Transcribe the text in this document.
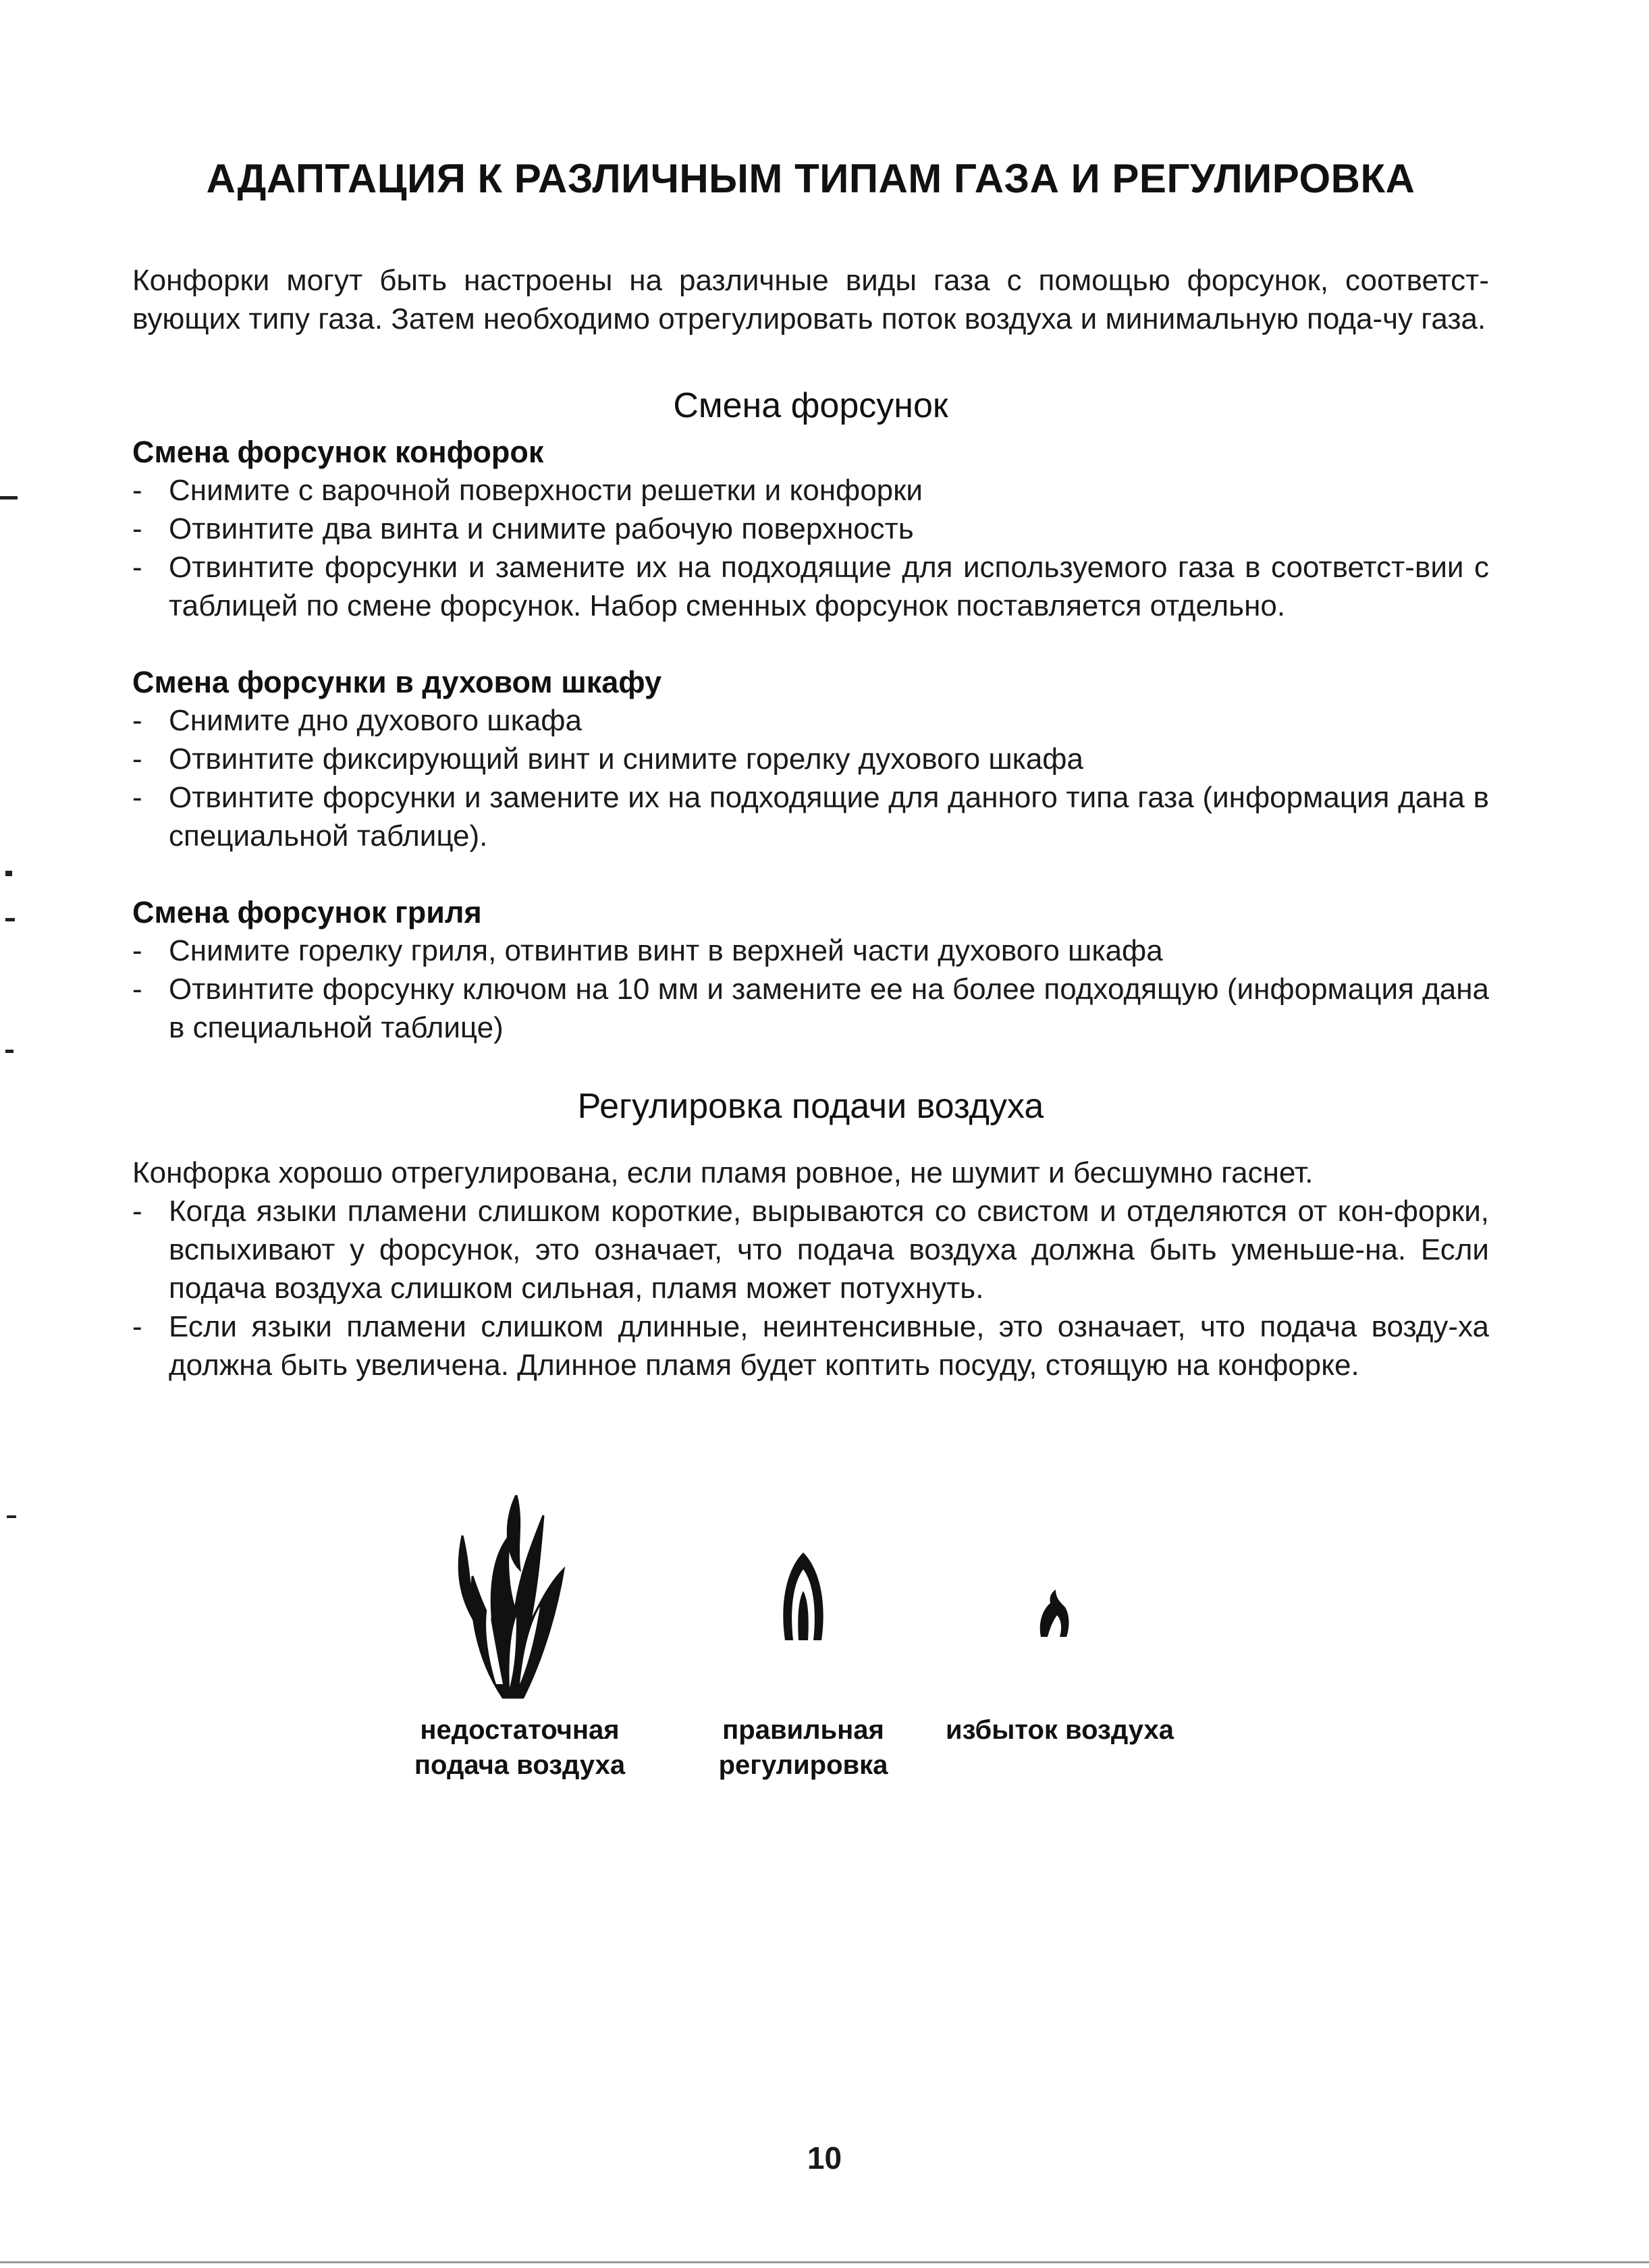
АДАПТАЦИЯ К РАЗЛИЧНЫМ ТИПАМ ГАЗА И РЕГУЛИРОВКА

Конфорки могут быть настроены на различные виды газа с помощью форсунок, соответст-вующих типу газа. Затем необходимо отрегулировать поток воздуха и минимальную пода-чу газа.

Смена форсунок
Смена форсунок конфорок
- Снимите с варочной поверхности решетки и конфорки
- Отвинтите два винта и снимите рабочую поверхность
- Отвинтите форсунки и замените их на подходящие для используемого газа в соответст-вии с таблицей по смене форсунок. Набор сменных форсунок поставляется отдельно.
Смена форсунки в духовом шкафу
- Снимите дно духового шкафа
- Отвинтите фиксирующий винт и снимите горелку духового шкафа
- Отвинтите форсунки и замените их на подходящие для данного типа газа (информация дана в специальной таблице).
Смена форсунок гриля
- Снимите горелку гриля, отвинтив винт в верхней части духового шкафа
- Отвинтите форсунку ключом на 10 мм и замените ее на более подходящую (информация дана в специальной таблице)
Регулировка подачи воздуха

Конфорка хорошо отрегулирована, если пламя ровное, не шумит и бесшумно гаснет.

- Когда языки пламени слишком короткие, вырываются со свистом и отделяются от кон-форки, вспыхивают у форсунок, это означает, что подача воздуха должна быть уменьше-на. Если подача воздуха слишком сильная, пламя может потухнуть.
- Если языки пламени слишком длинные, неинтенсивные, это означает, что подача возду-ха должна быть увеличена. Длинное пламя будет коптить посуду, стоящую на конфорке.
недостаточная
подача воздуха
правильная
регулировка
избыток воздуха
10
